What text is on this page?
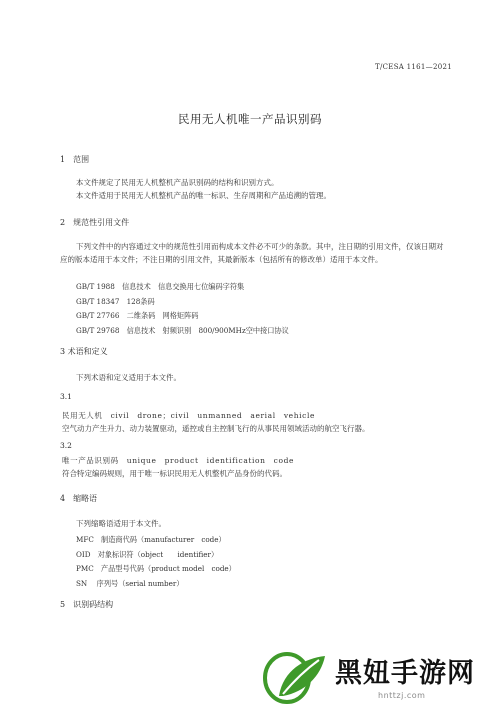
T/CESA 1161—2021
民用无人机唯一产品识别码
1　范围
本文件规定了民用无人机整机产品识别码的结构和识别方式。
本文件适用于民用无人机整机产品的唯一标识、生存周期和产品追溯的管理。
2　规范性引用文件
下列文件中的内容通过文中的规范性引用而构成本文件必不可少的条款。其中，注日期的引用文件，仅该日期对应的版本适用于本文件；不注日期的引用文件，其最新版本（包括所有的修改单）适用于本文件。
GB/T 1988　信息技术　信息交换用七位编码字符集
GB/T 18347　128条码
GB/T 27766　二维条码　网格矩阵码
GB/T 29768　信息技术　射频识别　800/900MHz空中接口协议
3 术语和定义
下列术语和定义适用于本文件。
3.1
民用无人机　civil　drone；civil　unmanned　aerial　vehicle
空气动力产生升力、动力装置驱动，遥控或自主控制飞行的从事民用领域活动的航空飞行器。
3.2
唯一产品识别码　unique　product　identification　code
符合特定编码规则，用于唯一标识民用无人机整机产品身份的代码。
4　缩略语
下列缩略语适用于本文件。
MFC　制造商代码（manufacturer　code）
OID　对象标识符（object　　identifier）
PMC　产品型号代码（product model　code）
SN　 序列号（serial number）
5　识别码结构
黑妞手游网
hnttzj.com
